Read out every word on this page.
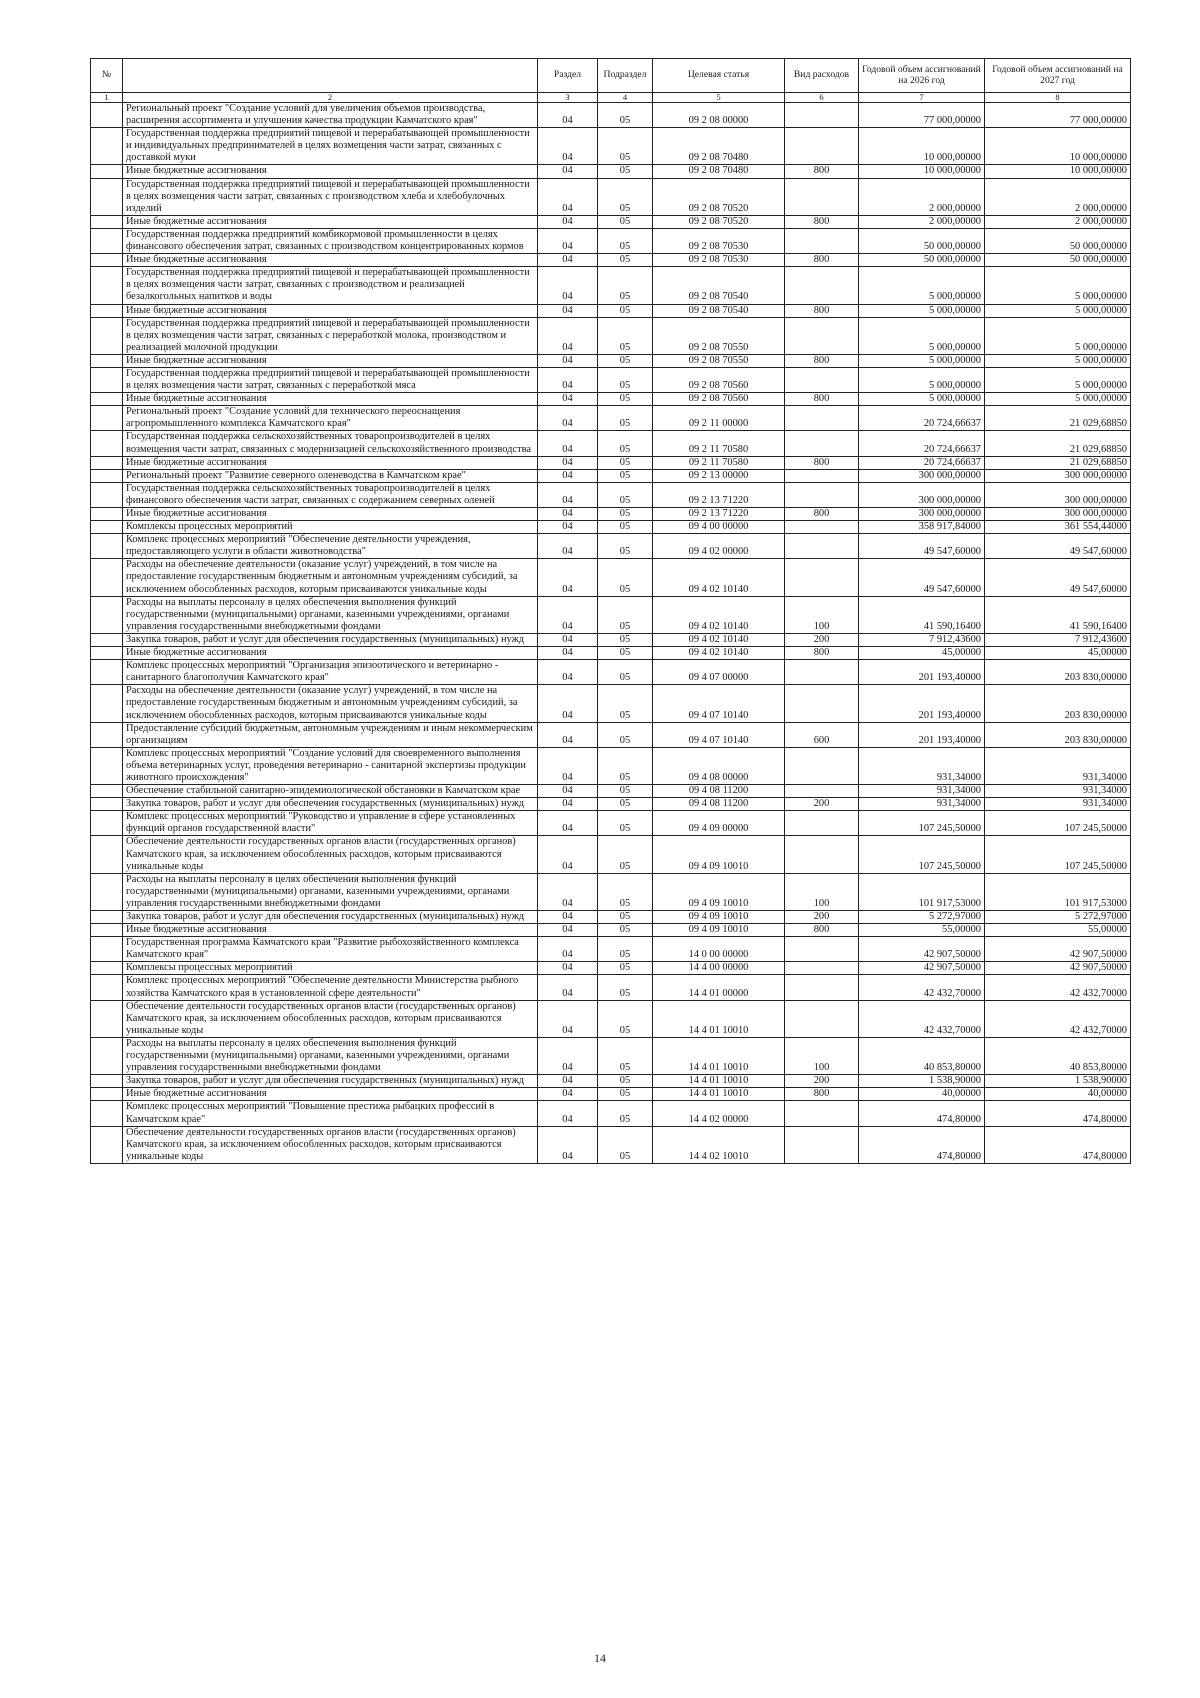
№		Раздел	Подраздел	Целевая статья	Вид расходов	Годовой объем ассигнований на 2026 год	Годовой объем ассигнований на 2027 год
1	2	3	4	5	6	7	8
	Региональный проект "Создание условий для увеличения объемов производства, расширения ассортимента и улучшения качества продукции Камчатского края"	04	05	09 2 08 00000		77 000,00000	77 000,00000
	Государственная поддержка предприятий пищевой и перерабатывающей промышленности и индивидуальных предпринимателей в целях возмещения части затрат, связанных с доставкой муки	04	05	09 2 08 70480		10 000,00000	10 000,00000
	Иные бюджетные ассигнования	04	05	09 2 08 70480	800	10 000,00000	10 000,00000
	Государственная поддержка предприятий пищевой и перерабатывающей промышленности в целях возмещения части затрат, связанных с производством хлеба и хлебобулочных изделий	04	05	09 2 08 70520		2 000,00000	2 000,00000
	Иные бюджетные ассигнования	04	05	09 2 08 70520	800	2 000,00000	2 000,00000
	Государственная поддержка предприятий комбикормовой промышленности в целях финансового обеспечения затрат, связанных с производством концентрированных кормов	04	05	09 2 08 70530		50 000,00000	50 000,00000
	Иные бюджетные ассигнования	04	05	09 2 08 70530	800	50 000,00000	50 000,00000
	Государственная поддержка предприятий пищевой и перерабатывающей промышленности в целях возмещения части затрат, связанных с производством и реализацией безалкогольных напитков и воды	04	05	09 2 08 70540		5 000,00000	5 000,00000
	Иные бюджетные ассигнования	04	05	09 2 08 70540	800	5 000,00000	5 000,00000
	Государственная поддержка предприятий пищевой и перерабатывающей промышленности в целях возмещения части затрат, связанных с переработкой молока, производством и реализацией молочной продукции	04	05	09 2 08 70550		5 000,00000	5 000,00000
	Иные бюджетные ассигнования	04	05	09 2 08 70550	800	5 000,00000	5 000,00000
	Государственная поддержка предприятий пищевой и перерабатывающей промышленности в целях возмещения части затрат, связанных с переработкой мяса	04	05	09 2 08 70560		5 000,00000	5 000,00000
	Иные бюджетные ассигнования	04	05	09 2 08 70560	800	5 000,00000	5 000,00000
	Региональный проект "Создание условий для технического переоснащения агропромышленного комплекса Камчатского края"	04	05	09 2 11 00000		20 724,66637	21 029,68850
	Государственная поддержка сельскохозяйственных товаропроизводителей в целях возмещения части затрат, связанных с модернизацией сельскохозяйственного производства	04	05	09 2 11 70580		20 724,66637	21 029,68850
	Иные бюджетные ассигнования	04	05	09 2 11 70580	800	20 724,66637	21 029,68850
	Региональный проект "Развитие северного оленеводства в Камчатском крае"	04	05	09 2 13 00000		300 000,00000	300 000,00000
	Государственная поддержка сельскохозяйственных товаропроизводителей в целях финансового обеспечения части затрат, связанных с содержанием северных оленей	04	05	09 2 13 71220		300 000,00000	300 000,00000
	Иные бюджетные ассигнования	04	05	09 2 13 71220	800	300 000,00000	300 000,00000
	Комплексы процессных мероприятий	04	05	09 4 00 00000		358 917,84000	361 554,44000
	Комплекс процессных мероприятий "Обеспечение деятельности учреждения, предоставляющего услуги в области животноводства"	04	05	09 4 02 00000		49 547,60000	49 547,60000
	Расходы на обеспечение деятельности (оказание услуг) учреждений, в том числе на предоставление государственным бюджетным и автономным учреждениям субсидий, за исключением обособленных расходов, которым присваиваются уникальные коды	04	05	09 4 02 10140		49 547,60000	49 547,60000
	Расходы на выплаты персоналу в целях обеспечения выполнения функций государственными (муниципальными) органами, казенными учреждениями, органами управления государственными внебюджетными фондами	04	05	09 4 02 10140	100	41 590,16400	41 590,16400
	Закупка товаров, работ и услуг для обеспечения государственных (муниципальных) нужд	04	05	09 4 02 10140	200	7 912,43600	7 912,43600
	Иные бюджетные ассигнования	04	05	09 4 02 10140	800	45,00000	45,00000
	Комплекс процессных мероприятий "Организация эпизоотического и ветеринарно - санитарного благополучия Камчатского края"	04	05	09 4 07 00000		201 193,40000	203 830,00000
	Расходы на обеспечение деятельности (оказание услуг) учреждений, в том числе на предоставление государственным бюджетным и автономным учреждениям субсидий, за исключением обособленных расходов, которым присваиваются уникальные коды	04	05	09 4 07 10140		201 193,40000	203 830,00000
	Предоставление субсидий бюджетным, автономным учреждениям и иным некоммерческим организациям	04	05	09 4 07 10140	600	201 193,40000	203 830,00000
	Комплекс процессных мероприятий "Создание условий для своевременного выполнения объема ветеринарных услуг, проведения ветеринарно - санитарной экспертизы продукции животного происхождения"	04	05	09 4 08 00000		931,34000	931,34000
	Обеспечение стабильной санитарно-эпидемиологической обстановки в Камчатском крае	04	05	09 4 08 11200		931,34000	931,34000
	Закупка товаров, работ и услуг для обеспечения государственных (муниципальных) нужд	04	05	09 4 08 11200	200	931,34000	931,34000
	Комплекс процессных мероприятий "Руководство и управление в сфере установленных функций органов государственной власти"	04	05	09 4 09 00000		107 245,50000	107 245,50000
	Обеспечение деятельности государственных органов власти (государственных органов) Камчатского края, за исключением обособленных расходов, которым присваиваются уникальные коды	04	05	09 4 09 10010		107 245,50000	107 245,50000
	Расходы на выплаты персоналу в целях обеспечения выполнения функций государственными (муниципальными) органами, казенными учреждениями, органами управления государственными внебюджетными фондами	04	05	09 4 09 10010	100	101 917,53000	101 917,53000
	Закупка товаров, работ и услуг для обеспечения государственных (муниципальных) нужд	04	05	09 4 09 10010	200	5 272,97000	5 272,97000
	Иные бюджетные ассигнования	04	05	09 4 09 10010	800	55,00000	55,00000
	Государственная программа Камчатского края "Развитие рыбохозяйственного комплекса Камчатского края"	04	05	14 0 00 00000		42 907,50000	42 907,50000
	Комплексы процессных мероприятий	04	05	14 4 00 00000		42 907,50000	42 907,50000
	Комплекс процессных мероприятий "Обеспечение деятельности Министерства рыбного хозяйства Камчатского края в установленной сфере деятельности"	04	05	14 4 01 00000		42 432,70000	42 432,70000
	Обеспечение деятельности государственных органов власти (государственных органов) Камчатского края, за исключением обособленных расходов, которым присваиваются уникальные коды	04	05	14 4 01 10010		42 432,70000	42 432,70000
	Расходы на выплаты персоналу в целях обеспечения выполнения функций государственными (муниципальными) органами, казенными учреждениями, органами управления государственными внебюджетными фондами	04	05	14 4 01 10010	100	40 853,80000	40 853,80000
	Закупка товаров, работ и услуг для обеспечения государственных (муниципальных) нужд	04	05	14 4 01 10010	200	1 538,90000	1 538,90000
	Иные бюджетные ассигнования	04	05	14 4 01 10010	800	40,00000	40,00000
	Комплекс процессных мероприятий "Повышение престижа рыбацких профессий в Камчатском крае"	04	05	14 4 02 00000		474,80000	474,80000
	Обеспечение деятельности государственных органов власти (государственных органов) Камчатского края, за исключением обособленных расходов, которым присваиваются уникальные коды	04	05	14 4 02 10010		474,80000	474,80000
14
